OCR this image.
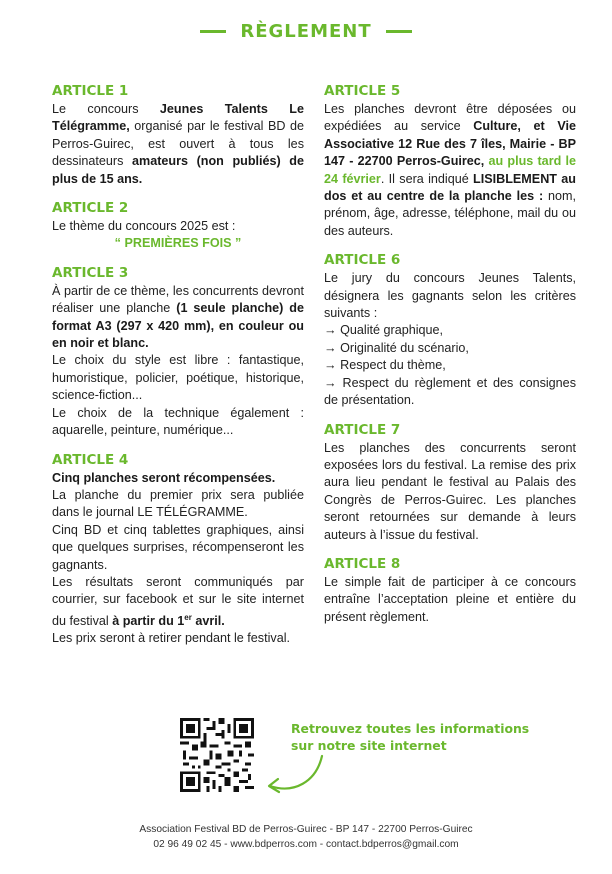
RÈGLEMENT
ARTICLE 1

Le concours Jeunes Talents Le Télégramme, organisé par le festival BD de Perros-Guirec, est ouvert à tous les dessinateurs amateurs (non publiés) de plus de 15 ans.

ARTICLE 2

Le thème du concours 2025 est :

“ PREMIÈRES FOIS ”

ARTICLE 3

À partir de ce thème, les concurrents devront réaliser une planche (1 seule planche) de format A3 (297 x 420 mm), en couleur ou en noir et blanc.

Le choix du style est libre : fantastique, humoristique, policier, poétique, historique, science-fiction...

Le choix de la technique également : aquarelle, peinture, numérique...

ARTICLE 4

Cinq planches seront récompensées.

La planche du premier prix sera publiée dans le journal LE TÉLÉGRAMME.

Cinq BD et cinq tablettes graphiques, ainsi que quelques surprises, récompenseront les gagnants.

Les résultats seront communiqués par courrier, sur facebook et sur le site internet du festival à partir du 1er avril.

Les prix seront à retirer pendant le festival.

ARTICLE 5

Les planches devront être déposées ou expédiées au service Culture, et Vie Associative 12 Rue des 7 îles, Mairie - BP 147 - 22700 Perros-Guirec, au plus tard le 24 février. Il sera indiqué LISIBLEMENT au dos et au centre de la planche les : nom, prénom, âge, adresse, téléphone, mail du ou des auteurs.

ARTICLE 6

Le jury du concours Jeunes Talents, désignera les gagnants selon les critères suivants :

→ Qualité graphique,
→ Originalité du scénario,
→ Respect du thème,
→ Respect du règlement et des consignes de présentation.

ARTICLE 7

Les planches des concurrents seront exposées lors du festival. La remise des prix aura lieu pendant le festival au Palais des Congrès de Perros-Guirec. Les planches seront retournées sur demande à leurs auteurs à l’issue du festival.

ARTICLE 8

Le simple fait de participer à ce concours entraîne l’acceptation pleine et entière du présent règlement.

Retrouvez toutes les informations
sur notre site internet
Association Festival BD de Perros-Guirec - BP 147 - 22700 Perros-Guirec
02 96 49 02 45 - www.bdperros.com - contact.bdperros@gmail.com
